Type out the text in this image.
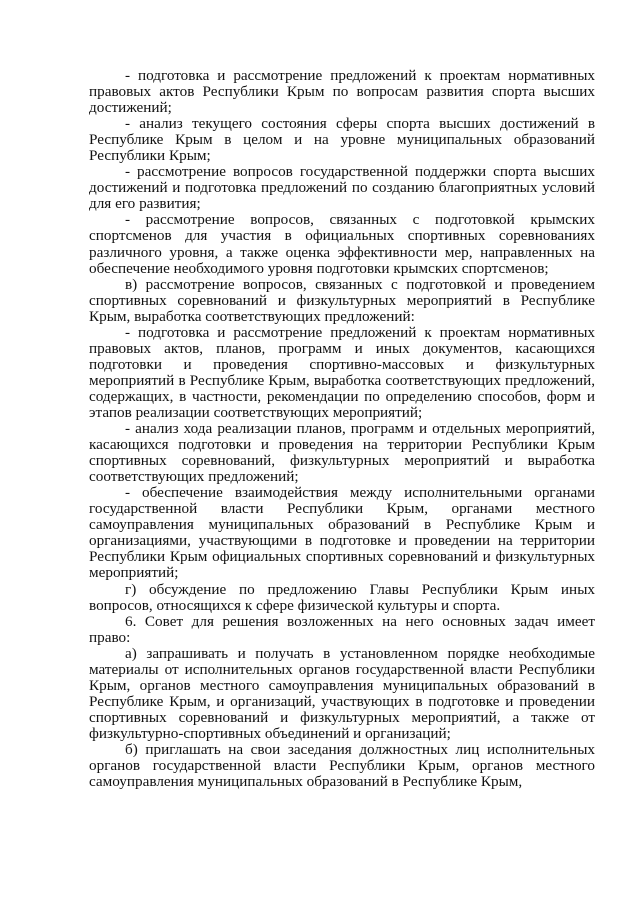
- подготовка и рассмотрение предложений к проектам нормативных правовых актов Республики Крым по вопросам развития спорта высших достижений;

- анализ текущего состояния сферы спорта высших достижений в Республике Крым в целом и на уровне муниципальных образований Республики Крым;

- рассмотрение вопросов государственной поддержки спорта высших достижений и подготовка предложений по созданию благоприятных условий для его развития;

- рассмотрение вопросов, связанных с подготовкой крымских спортсменов для участия в официальных спортивных соревнованиях различного уровня, а также оценка эффективности мер, направленных на обеспечение необходимого уровня подготовки крымских спортсменов;

в) рассмотрение вопросов, связанных с подготовкой и проведением спортивных соревнований и физкультурных мероприятий в Республике Крым, выработка соответствующих предложений:

- подготовка и рассмотрение предложений к проектам нормативных правовых актов, планов, программ и иных документов, касающихся подготовки и проведения спортивно-массовых и физкультурных мероприятий в Республике Крым, выработка соответствующих предложений, содержащих, в частности, рекомендации по определению способов, форм и этапов реализации соответствующих мероприятий;

- анализ хода реализации планов, программ и отдельных мероприятий, касающихся подготовки и проведения на территории Республики Крым спортивных соревнований, физкультурных мероприятий и выработка соответствующих предложений;

- обеспечение взаимодействия между исполнительными органами государственной власти Республики Крым, органами местного самоуправления муниципальных образований в Республике Крым и организациями, участвующими в подготовке и проведении на территории Республики Крым официальных спортивных соревнований и физкультурных мероприятий;

г) обсуждение по предложению Главы Республики Крым иных вопросов, относящихся к сфере физической культуры и спорта.

6. Совет для решения возложенных на него основных задач имеет право:

а) запрашивать и получать в установленном порядке необходимые материалы от исполнительных органов государственной власти Республики Крым, органов местного самоуправления муниципальных образований в Республике Крым, и организаций, участвующих в подготовке и проведении спортивных соревнований и физкультурных мероприятий, а также от физкультурно-спортивных объединений и организаций;

б) приглашать на свои заседания должностных лиц исполнительных органов государственной власти Республики Крым, органов местного самоуправления муниципальных образований в Республике Крым,
